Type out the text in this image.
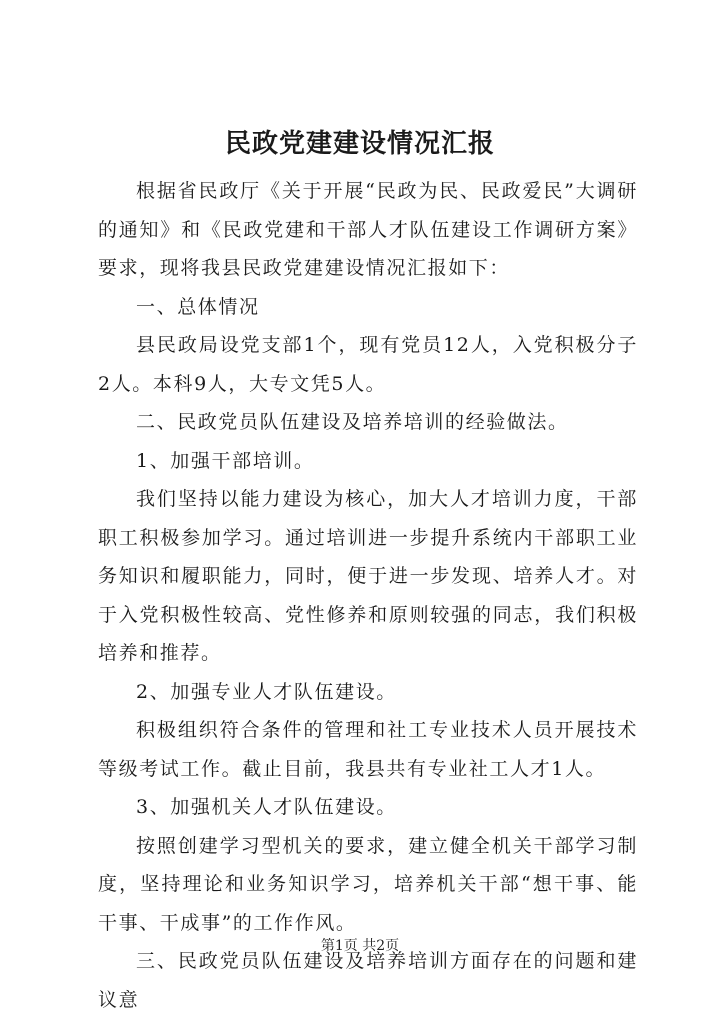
民政党建建设情况汇报

根据省民政厅《关于开展“民政为民、民政爱民”大调研的通知》和《民政党建和干部人才队伍建设工作调研方案》要求，现将我县民政党建建设情况汇报如下：

一、总体情况

县民政局设党支部1个，现有党员12人，入党积极分子2人。本科9人，大专文凭5人。

二、民政党员队伍建设及培养培训的经验做法。

1、加强干部培训。

我们坚持以能力建设为核心，加大人才培训力度，干部职工积极参加学习。通过培训进一步提升系统内干部职工业务知识和履职能力，同时，便于进一步发现、培养人才。对于入党积极性较高、党性修养和原则较强的同志，我们积极培养和推荐。

2、加强专业人才队伍建设。

积极组织符合条件的管理和社工专业技术人员开展技术等级考试工作。截止目前，我县共有专业社工人才1人。

3、加强机关人才队伍建设。

按照创建学习型机关的要求，建立健全机关干部学习制度，坚持理论和业务知识学习，培养机关干部“想干事、能干事、干成事”的工作作风。

三、民政党员队伍建设及培养培训方面存在的问题和建议意

第1页 共2页
